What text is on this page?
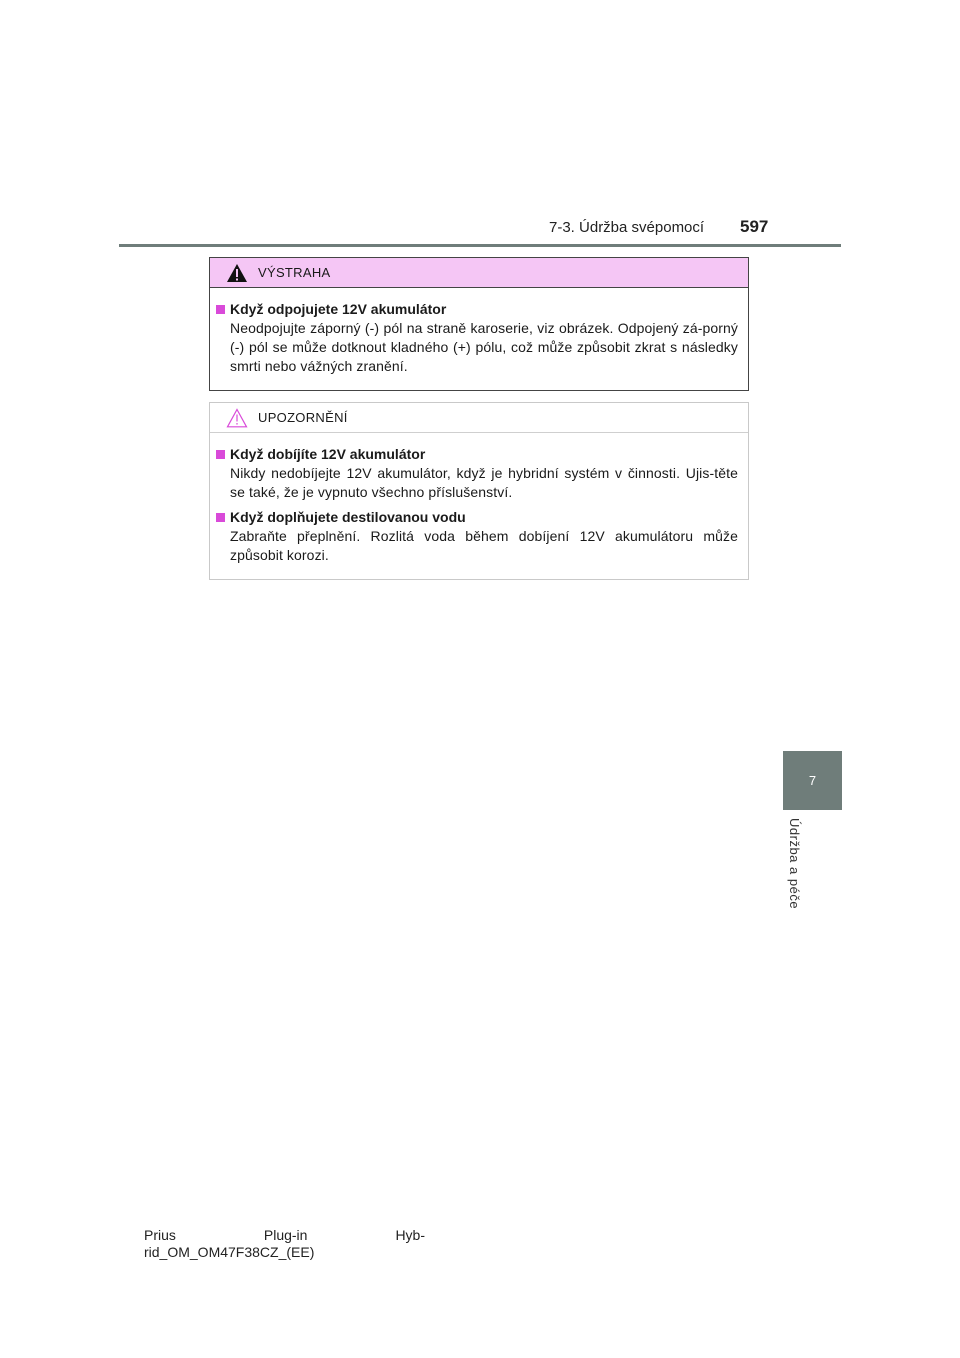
7-3. Údržba svépomocí 597
7
Údržba a péče
VÝSTRAHA
Když odpojujete 12V akumulátor
Neodpojujte záporný (-) pól na straně karoserie, viz obrázek. Odpojený zá-porný (-) pól se může dotknout kladného (+) pólu, což může způsobit zkrat s následky smrti nebo vážných zranění.
UPOZORNĚNÍ
Když dobíjíte 12V akumulátor
Nikdy nedobíjejte 12V akumulátor, když je hybridní systém v činnosti. Ujis-těte se také, že je vypnuto všechno příslušenství.
Když doplňujete destilovanou vodu
Zabraňte přeplnění. Rozlitá voda během dobíjení 12V akumulátoru může způsobit korozi.
Prius	Plug-in	Hyb-
rid_OM_OM47F38CZ_(EE)
